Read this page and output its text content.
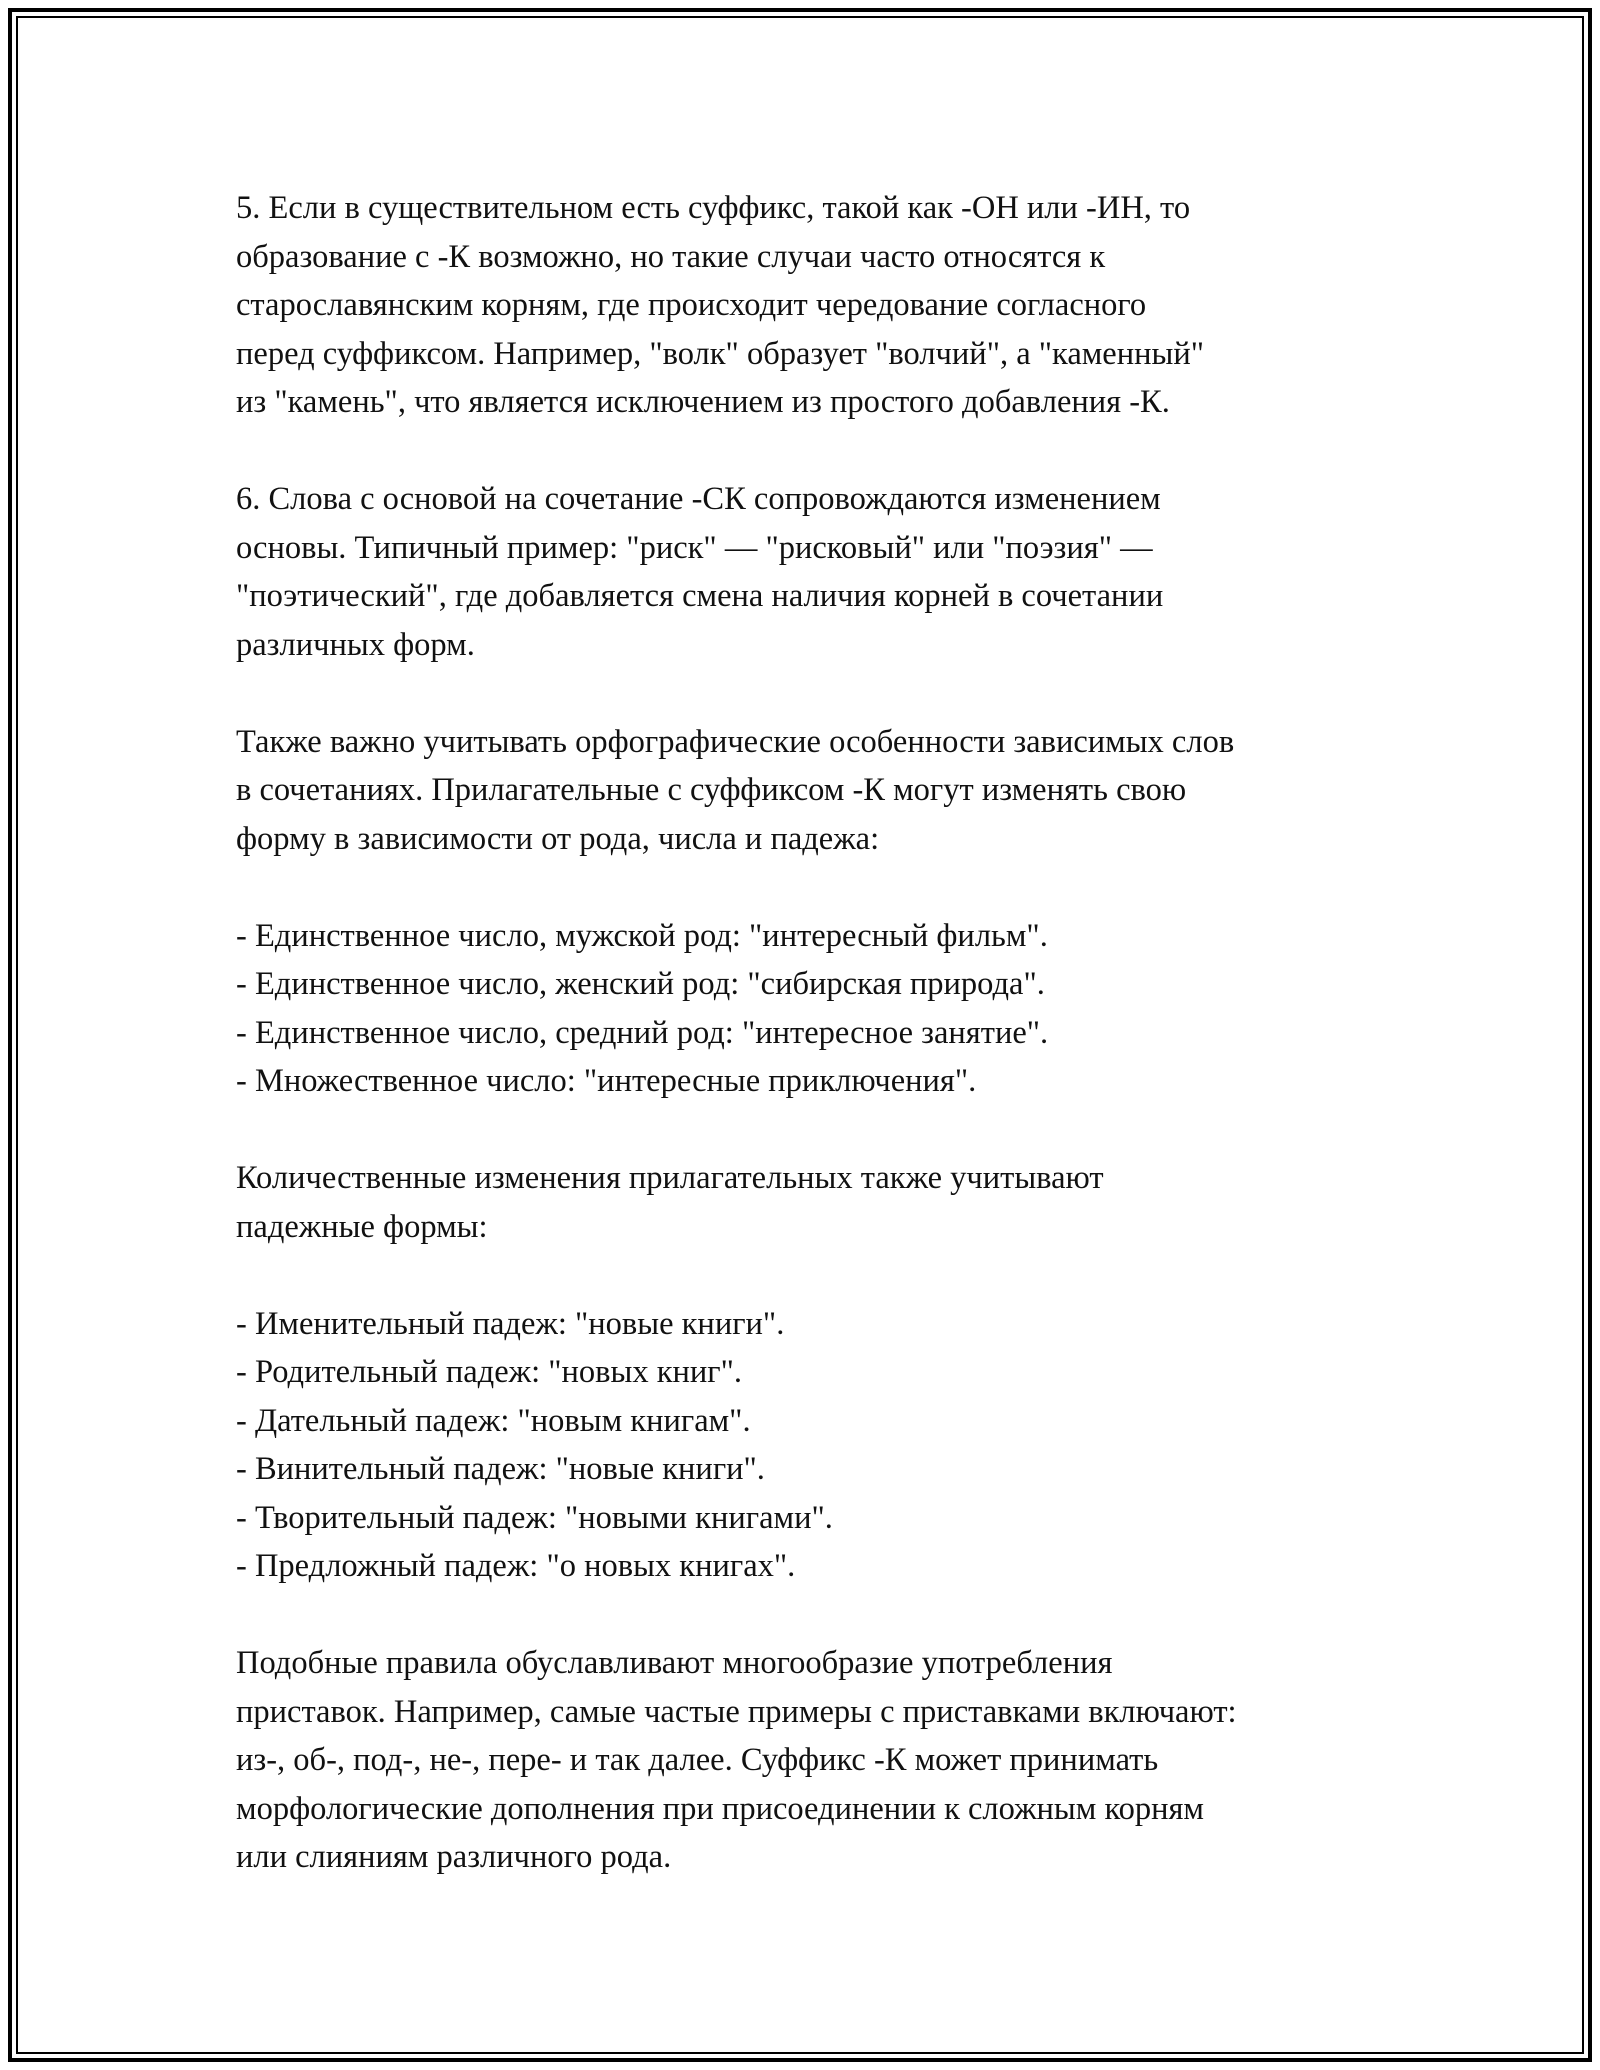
5. Если в существительном есть суффикс, такой как -ОН или -ИН, то
образование с -К возможно, но такие случаи часто относятся к
старославянским корням, где происходит чередование согласного
перед суффиксом. Например, "волк" образует "волчий", а "каменный"
из "камень", что является исключением из простого добавления -К.

6. Слова с основой на сочетание -СК сопровождаются изменением
основы. Типичный пример: "риск" — "рисковый" или "поэзия" —
"поэтический", где добавляется смена наличия корней в сочетании
различных форм.

Также важно учитывать орфографические особенности зависимых слов
в сочетаниях. Прилагательные с суффиксом -К могут изменять свою
форму в зависимости от рода, числа и падежа:

- Единственное число, мужской род: "интересный фильм".
- Единственное число, женский род: "сибирская природа".
- Единственное число, средний род: "интересное занятие".
- Множественное число: "интересные приключения".

Количественные изменения прилагательных также учитывают
падежные формы:

- Именительный падеж: "новые книги".
- Родительный падеж: "новых книг".
- Дательный падеж: "новым книгам".
- Винительный падеж: "новые книги".
- Творительный падеж: "новыми книгами".
- Предложный падеж: "о новых книгах".

Подобные правила обуславливают многообразие употребления
приставок. Например, самые частые примеры с приставками включают:
из-, об-, под-, не-, пере- и так далее. Суффикс -К может принимать
морфологические дополнения при присоединении к сложным корням
или слияниям различного рода.
